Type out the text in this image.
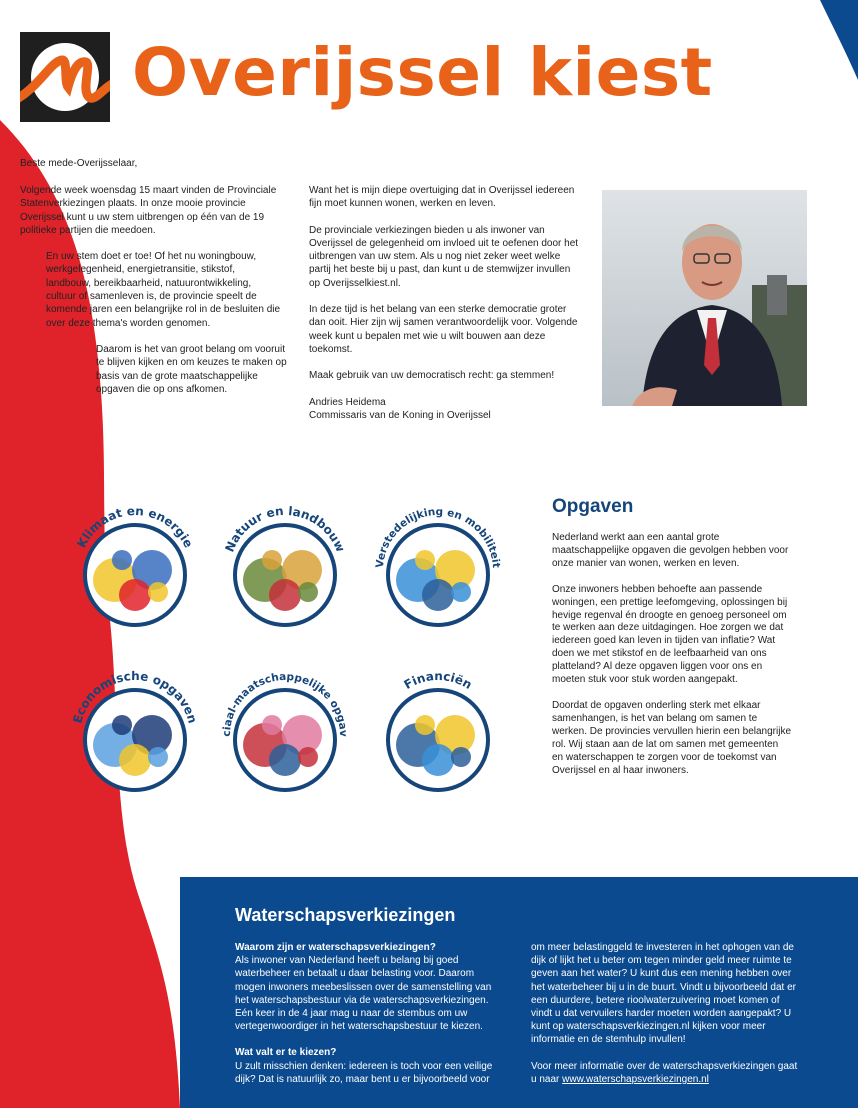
Overijssel kiest

Beste mede-Overijsselaar,

Volgende week woensdag 15 maart vinden de Provinciale Statenverkiezingen plaats. In onze mooie provincie Overijssel kunt u uw stem uitbrengen op één van de 19 politieke partijen die meedoen.

En uw stem doet er toe! Of het nu woningbouw, werkgelegenheid, energietransitie, stikstof, landbouw, bereikbaarheid, natuurontwikkeling, cultuur of samenleven is, de provincie speelt de komende jaren een belangrijke rol in de besluiten die over deze thema's worden genomen.

Daarom is het van groot belang om vooruit te blijven kijken en om keuzes te maken op basis van de grote maatschappelijke opgaven die op ons afkomen.

Want het is mijn diepe overtuiging dat in Overijssel iedereen fijn moet kunnen wonen, werken en leven.

De provinciale verkiezingen bieden u als inwoner van Overijssel de gelegenheid om invloed uit te oefenen door het uitbrengen van uw stem. Als u nog niet zeker weet welke partij het beste bij u past, dan kunt u de stemwijzer invullen op Overijsselkiest.nl.

In deze tijd is het belang van een sterke democratie groter dan ooit. Hier zijn wij samen verantwoordelijk voor. Volgende week kunt u bepalen met wie u wilt bouwen aan deze toekomst.

Maak gebruik van uw democratisch recht: ga stemmen!

Andries Heidema
Commissaris van de Koning in Overijssel
Klimaat en energie Natuur en landbouw
Verstedelijking en mobiliteit
Economische opgaven
ciaal-maatschappelijke opgav
Financiën
Opgaven

Nederland werkt aan een aantal grote maatschappelijke opgaven die gevolgen hebben voor onze manier van wonen, werken en leven.

Onze inwoners hebben behoefte aan passende woningen, een prettige leefomgeving, oplossingen bij hevige regenval én droogte en genoeg personeel om te werken aan deze uitdagingen. Hoe zorgen we dat iedereen goed kan leven in tijden van inflatie? Wat doen we met stikstof en de leefbaarheid van ons platteland? Al deze opgaven liggen voor ons en moeten stuk voor stuk worden aangepakt.

Doordat de opgaven onderling sterk met elkaar samenhangen, is het van belang om samen te werken. De provincies vervullen hierin een belangrijke rol. Wij staan aan de lat om samen met gemeenten en waterschappen te zorgen voor de toekomst van Overijssel en al haar inwoners.

Waterschapsverkiezingen
Waarom zijn er waterschapsverkiezingen?

Als inwoner van Nederland heeft u belang bij goed waterbeheer en betaalt u daar belasting voor. Daarom mogen inwoners meebeslissen over de samenstelling van het waterschapsbestuur via de waterschapsverkiezingen. Eén keer in de 4 jaar mag u naar de stembus om uw vertegenwoordiger in het waterschapsbestuur te kiezen.

Wat valt er te kiezen?

U zult misschien denken: iedereen is toch voor een veilige dijk? Dat is natuurlijk zo, maar bent u er bijvoorbeeld voor

om meer belastinggeld te investeren in het ophogen van de dijk of lijkt het u beter om tegen minder geld meer ruimte te geven aan het water? U kunt dus een mening hebben over het waterbeheer bij u in de buurt. Vindt u bijvoorbeeld dat er een duurdere, betere rioolwaterzuivering moet komen of vindt u dat vervuilers harder moeten worden aangepakt? U kunt op waterschapsverkiezingen.nl kijken voor meer informatie en de stemhulp invullen!

Voor meer informatie over de waterschapsverkiezingen gaat u naar www.waterschapsverkiezingen.nl
